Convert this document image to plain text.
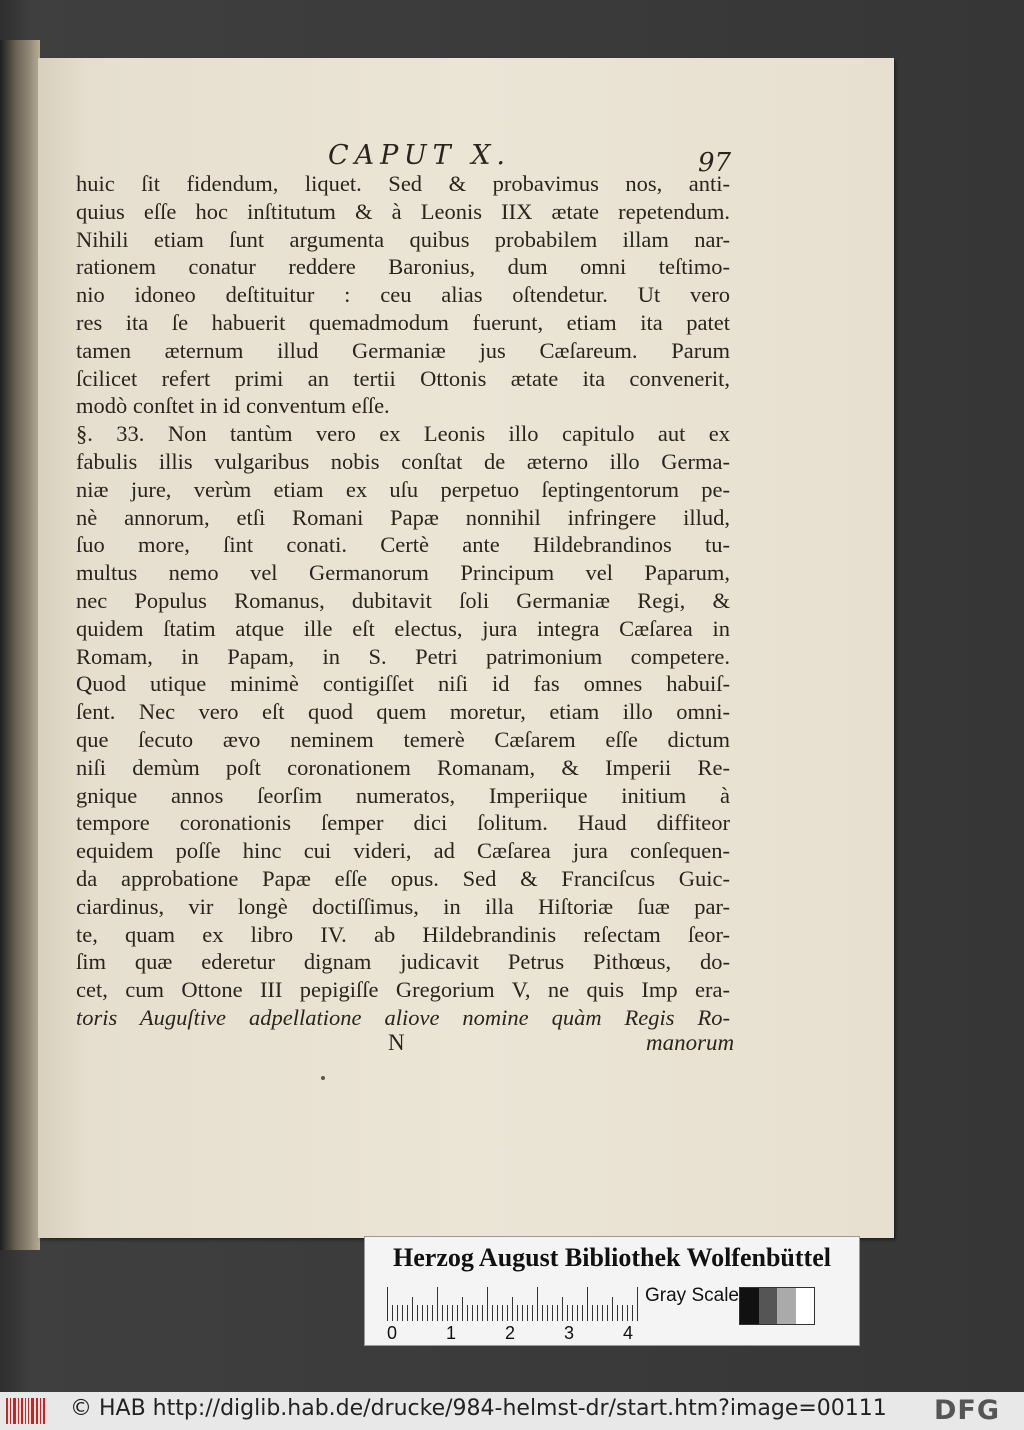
CAPUT X.	97
huic ſit fidendum, liquet. Sed & probavimus nos, anti-
quius eſſe hoc inſtitutum & à Leonis IIX ætate repetendum.
Nihili etiam ſunt argumenta quibus probabilem illam nar-
rationem conatur reddere Baronius, dum omni teſtimo-
nio idoneo deſtituitur : ceu alias oſtendetur. Ut vero
res ita ſe habuerit quemadmodum fuerunt, etiam ita patet
tamen æternum illud Germaniæ jus Cæſareum. Parum
ſcilicet refert primi an tertii Ottonis ætate ita convenerit,
modò conſtet in id conventum eſſe.
§. 33. Non tantùm vero ex Leonis illo capitulo aut ex
fabulis illis vulgaribus nobis conſtat de æterno illo Germa-
niæ jure, verùm etiam ex uſu perpetuo ſeptingentorum pe-
nè annorum, etſi Romani Papæ nonnihil infringere illud,
ſuo more, ſint conati. Certè ante Hildebrandinos tu-
multus nemo vel Germanorum Principum vel Paparum,
nec Populus Romanus, dubitavit ſoli Germaniæ Regi, &
quidem ſtatim atque ille eſt electus, jura integra Cæſarea in
Romam, in Papam, in S. Petri patrimonium competere.
Quod utique minimè contigiſſet niſi id fas omnes habuiſ-
ſent. Nec vero eſt quod quem moretur, etiam illo omni-
que ſecuto ævo neminem temerè Cæſarem eſſe dictum
niſi demùm poſt coronationem Romanam, & Imperii Re-
gnique annos ſeorſim numeratos, Imperiique initium à
tempore coronationis ſemper dici ſolitum. Haud diffiteor
equidem poſſe hinc cui videri, ad Cæſarea jura conſequen-
da approbatione Papæ eſſe opus. Sed & Franciſcus Guic-
ciardinus, vir longè doctiſſimus, in illa Hiſtoriæ ſuæ par-
te, quam ex libro IV. ab Hildebrandinis reſectam ſeor-
ſim quæ ederetur dignam judicavit Petrus Pithœus, do-
cet, cum Ottone III pepigiſſe Gregorium V, ne quis Imp era-
toris Auguſtive adpellatione aliove nomine quàm Regis Ro-
N	manorum
Herzog August Bibliothek Wolfenbüttel
0	1	2	3	4
Gray Scale
© HAB http://diglib.hab.de/drucke/984-helmst-dr/start.htm?image=00111	DFG
